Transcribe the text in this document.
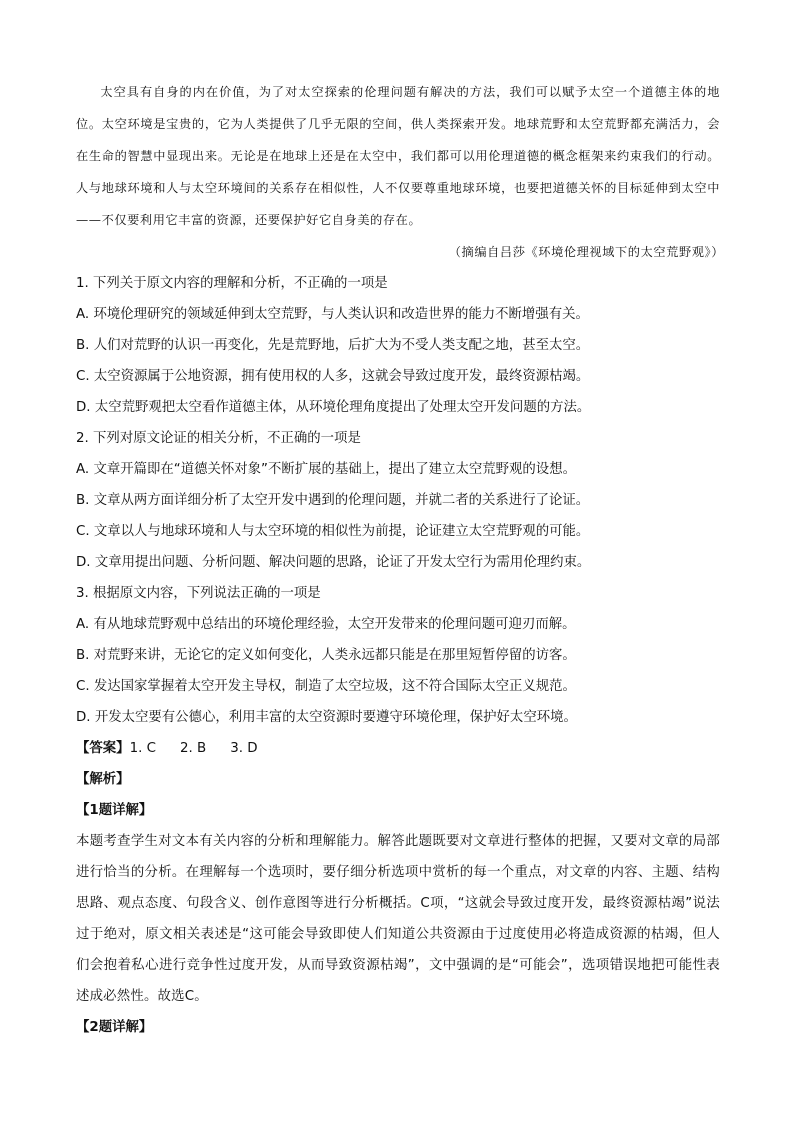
太空具有自身的内在价值，为了对太空探索的伦理问题有解决的方法，我们可以赋予太空一个道德主体的地位。太空环境是宝贵的，它为人类提供了几乎无限的空间，供人类探索开发。地球荒野和太空荒野都充满活力，会在生命的智慧中显现出来。无论是在地球上还是在太空中，我们都可以用伦理道德的概念框架来约束我们的行动。人与地球环境和人与太空环境间的关系存在相似性，人不仅要尊重地球环境，也要把道德关怀的目标延伸到太空中——不仅要利用它丰富的资源，还要保护好它自身美的存在。

（摘编自吕莎《环境伦理视域下的太空荒野观》）

1. 下列关于原文内容的理解和分析，不正确的一项是

A. 环境伦理研究的领域延伸到太空荒野，与人类认识和改造世界的能力不断增强有关。

B. 人们对荒野的认识一再变化，先是荒野地，后扩大为不受人类支配之地，甚至太空。

C. 太空资源属于公地资源，拥有使用权的人多，这就会导致过度开发，最终资源枯竭。

D. 太空荒野观把太空看作道德主体，从环境伦理角度提出了处理太空开发问题的方法。

2. 下列对原文论证的相关分析，不正确的一项是

A. 文章开篇即在“道德关怀对象”不断扩展的基础上，提出了建立太空荒野观的设想。

B. 文章从两方面详细分析了太空开发中遇到的伦理问题，并就二者的关系进行了论证。

C. 文章以人与地球环境和人与太空环境的相似性为前提，论证建立太空荒野观的可能。

D. 文章用提出问题、分析问题、解决问题的思路，论证了开发太空行为需用伦理约束。

3. 根据原文内容，下列说法正确的一项是

A. 有从地球荒野观中总结出的环境伦理经验，太空开发带来的伦理问题可迎刃而解。

B. 对荒野来讲，无论它的定义如何变化，人类永远都只能是在那里短暂停留的访客。

C. 发达国家掌握着太空开发主导权，制造了太空垃圾，这不符合国际太空正义规范。

D. 开发太空要有公德心，利用丰富的太空资源时要遵守环境伦理，保护好太空环境。

【答案】1. C 2. B 3. D

【解析】

【1题详解】

本题考查学生对文本有关内容的分析和理解能力。解答此题既要对文章进行整体的把握，又要对文章的局部进行恰当的分析。在理解每一个选项时，要仔细分析选项中赏析的每一个重点，对文章的内容、主题、结构思路、观点态度、句段含义、创作意图等进行分析概括。C项，“这就会导致过度开发，最终资源枯竭”说法过于绝对，原文相关表述是“这可能会导致即使人们知道公共资源由于过度使用必将造成资源的枯竭，但人们会抱着私心进行竞争性过度开发，从而导致资源枯竭”，文中强调的是“可能会”，选项错误地把可能性表述成必然性。故选C。

【2题详解】
